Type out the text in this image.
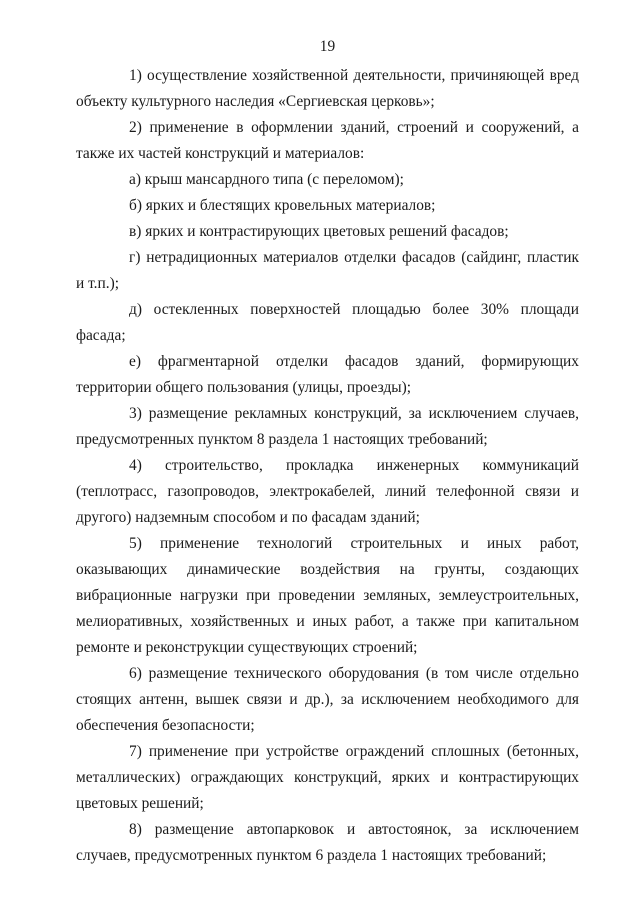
19

1) осуществление хозяйственной деятельности, причиняющей вред объекту культурного наследия «Сергиевская церковь»;

2) применение в оформлении зданий, строений и сооружений, а также их частей конструкций и материалов:

а) крыш мансардного типа (с переломом);

б) ярких и блестящих кровельных материалов;

в) ярких и контрастирующих цветовых решений фасадов;

г) нетрадиционных материалов отделки фасадов (сайдинг, пластик и т.п.);

д) остекленных поверхностей площадью более 30% площади фасада;

е) фрагментарной отделки фасадов зданий, формирующих территории общего пользования (улицы, проезды);

3) размещение рекламных конструкций, за исключением случаев, предусмотренных пунктом 8 раздела 1 настоящих требований;

4) строительство, прокладка инженерных коммуникаций (теплотрасс, газопроводов, электрокабелей, линий телефонной связи и другого) надземным способом и по фасадам зданий;

5) применение технологий строительных и иных работ, оказывающих динамические воздействия на грунты, создающих вибрационные нагрузки при проведении земляных, землеустроительных, мелиоративных, хозяйственных и иных работ, а также при капитальном ремонте и реконструкции существующих строений;

6) размещение технического оборудования (в том числе отдельно стоящих антенн, вышек связи и др.), за исключением необходимого для обеспечения безопасности;

7) применение при устройстве ограждений сплошных (бетонных, металлических) ограждающих конструкций, ярких и контрастирующих цветовых решений;

8) размещение автопарковок и автостоянок, за исключением случаев, предусмотренных пунктом 6 раздела 1 настоящих требований;
